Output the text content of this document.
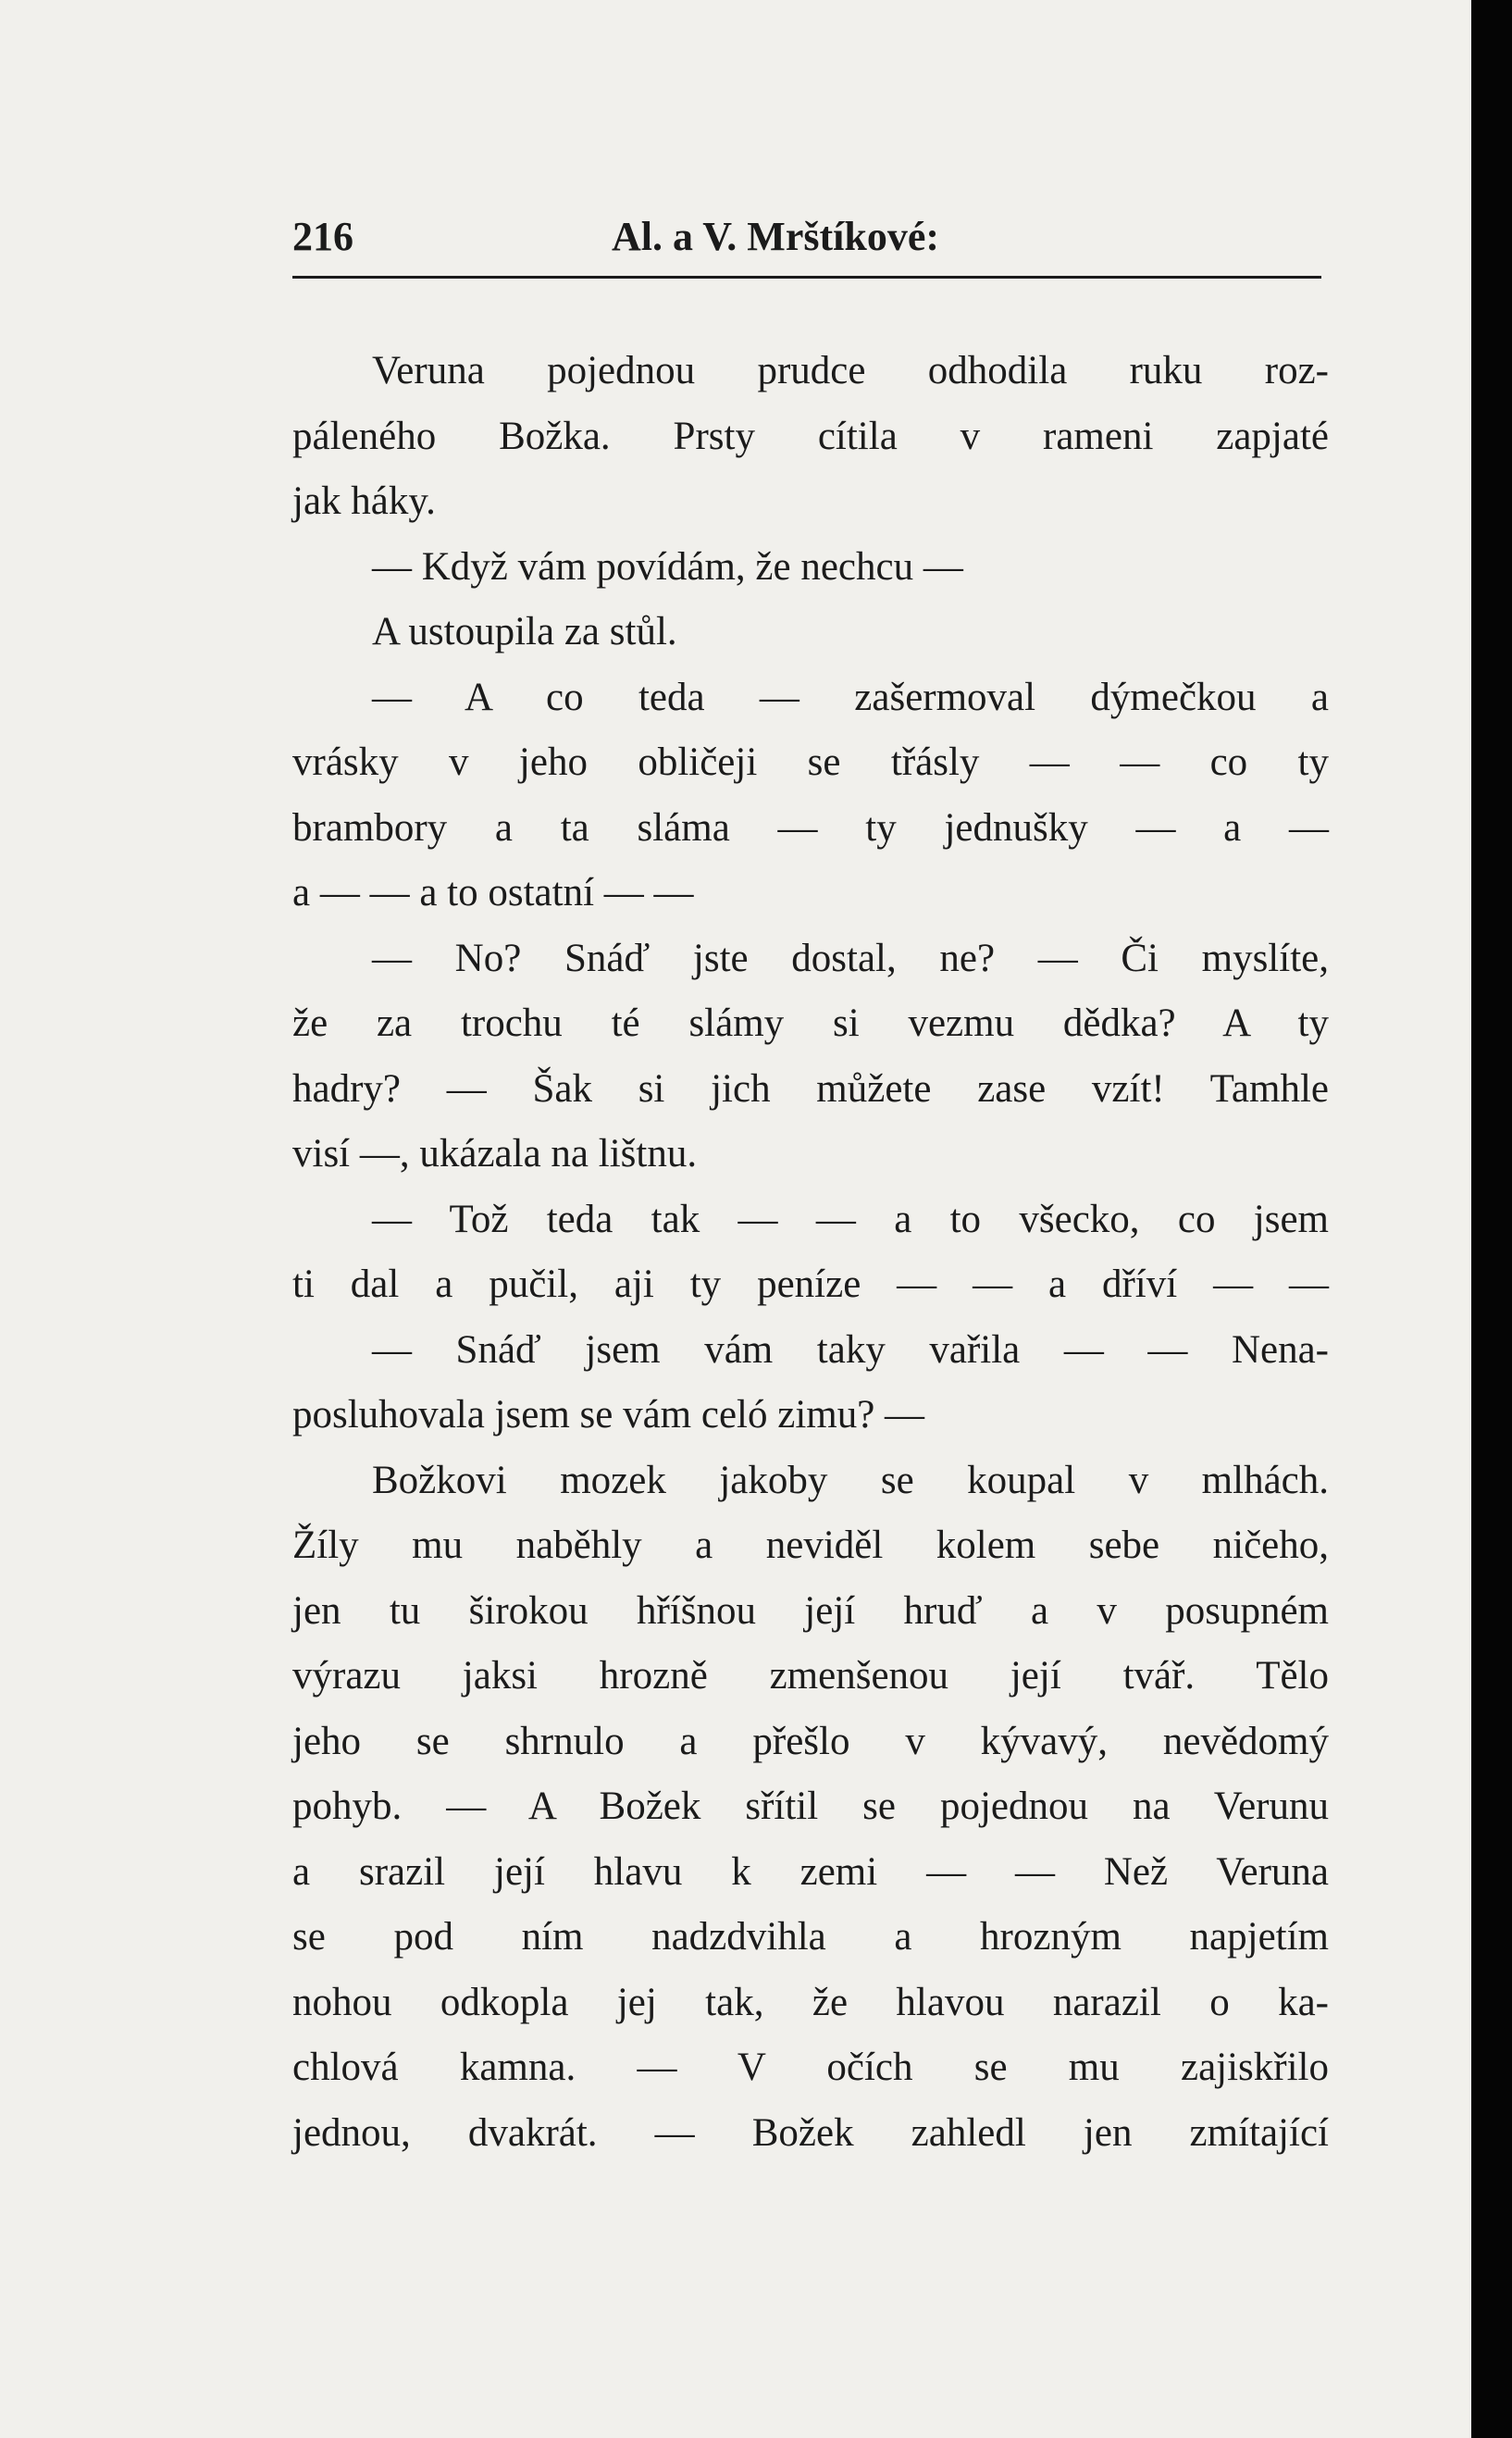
216	Al. a V. Mrštíkové:
Veruna pojednou prudce odhodila ruku roz-
páleného Božka. Prsty cítila v rameni zapjaté
jak háky.
— Když vám povídám, že nechcu —
A ustoupila za stůl.
— A co teda — zašermoval dýmečkou a
vrásky v jeho obličeji se třásly — — co ty
brambory a ta sláma — ty jednušky — a —
a — — a to ostatní — —
— No? Snáď jste dostal, ne? — Či myslíte,
že za trochu té slámy si vezmu dědka? A ty
hadry? — Šak si jich můžete zase vzít! Tamhle
visí —, ukázala na lištnu.
— Tož teda tak — — a to všecko, co jsem
ti dal a pučil, aji ty peníze — — a dříví — —
— Snáď jsem vám taky vařila — — Nena-
posluhovala jsem se vám celó zimu? —
Božkovi mozek jakoby se koupal v mlhách.
Žíly mu naběhly a neviděl kolem sebe ničeho,
jen tu širokou hříšnou její hruď a v posupném
výrazu jaksi hrozně zmenšenou její tvář. Tělo
jeho se shrnulo a přešlo v kývavý, nevědomý
pohyb. — A Božek sřítil se pojednou na Verunu
a srazil její hlavu k zemi — — Než Veruna
se pod ním nadzdvihla a hrozným napjetím
nohou odkopla jej tak, že hlavou narazil o ka-
chlová kamna. — V očích se mu zajiskřilo
jednou, dvakrát. — Božek zahledl jen zmítající
